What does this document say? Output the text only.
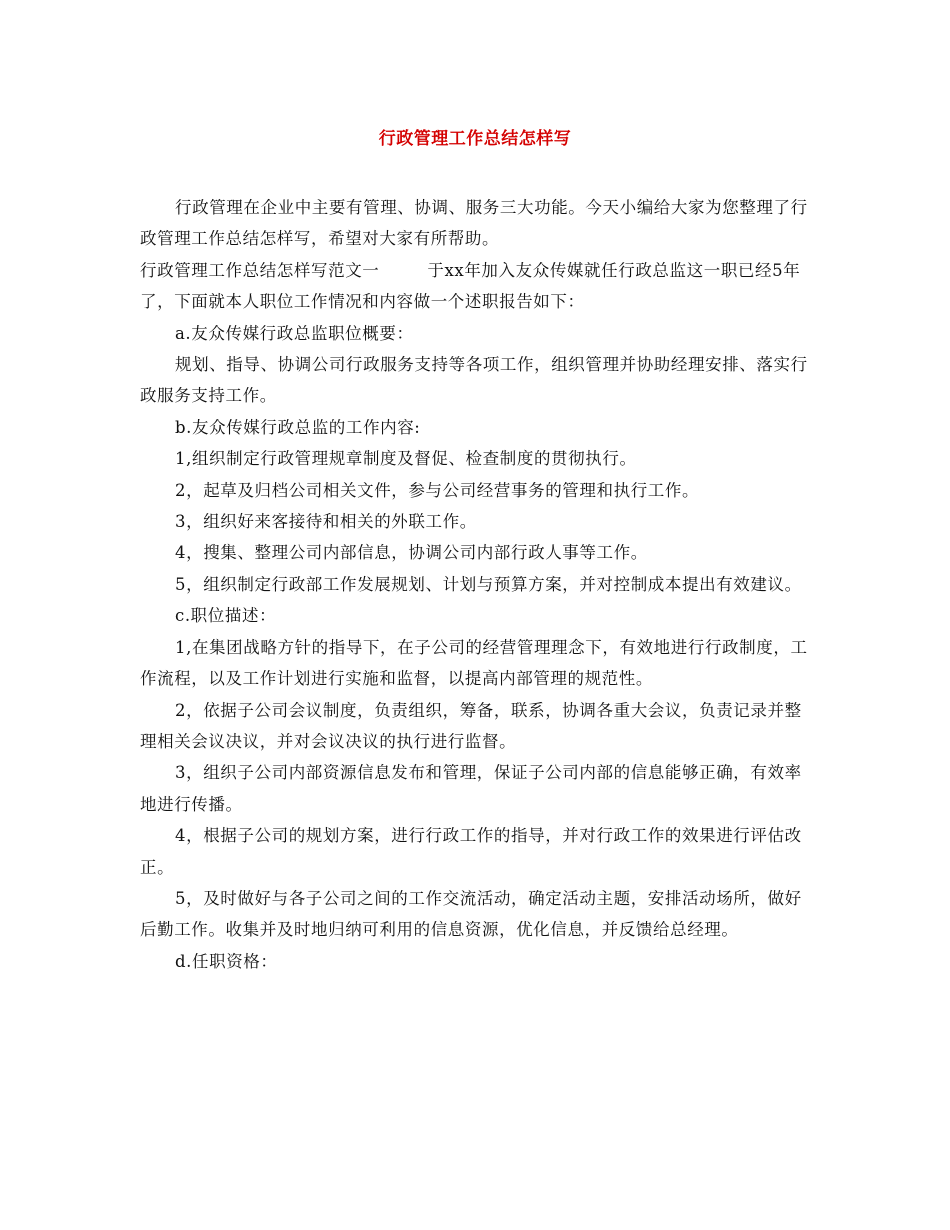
行政管理工作总结怎样写

行政管理在企业中主要有管理、协调、服务三大功能。今天小编给大家为您整理了行政管理工作总结怎样写，希望对大家有所帮助。

行政管理工作总结怎样写范文一	于xx年加入友众传媒就任行政总监这一职已经5年了，下面就本人职位工作情况和内容做一个述职报告如下：

a.友众传媒行政总监职位概要：

规划、指导、协调公司行政服务支持等各项工作，组织管理并协助经理安排、落实行政服务支持工作。

b.友众传媒行政总监的工作内容:

1,组织制定行政管理规章制度及督促、检查制度的贯彻执行。

2，起草及归档公司相关文件，参与公司经营事务的管理和执行工作。

3，组织好来客接待和相关的外联工作。

4，搜集、整理公司内部信息，协调公司内部行政人事等工作。

5，组织制定行政部工作发展规划、计划与预算方案，并对控制成本提出有效建议。

c.职位描述：

1,在集团战略方针的指导下，在子公司的经营管理理念下，有效地进行行政制度，工作流程，以及工作计划进行实施和监督，以提高内部管理的规范性。

2，依据子公司会议制度，负责组织，筹备，联系，协调各重大会议，负责记录并整理相关会议决议，并对会议决议的执行进行监督。

3，组织子公司内部资源信息发布和管理，保证子公司内部的信息能够正确，有效率地进行传播。

4，根据子公司的规划方案，进行行政工作的指导，并对行政工作的效果进行评估改正。

5，及时做好与各子公司之间的工作交流活动，确定活动主题，安排活动场所，做好后勤工作。收集并及时地归纳可利用的信息资源，优化信息，并反馈给总经理。

d.任职资格：
